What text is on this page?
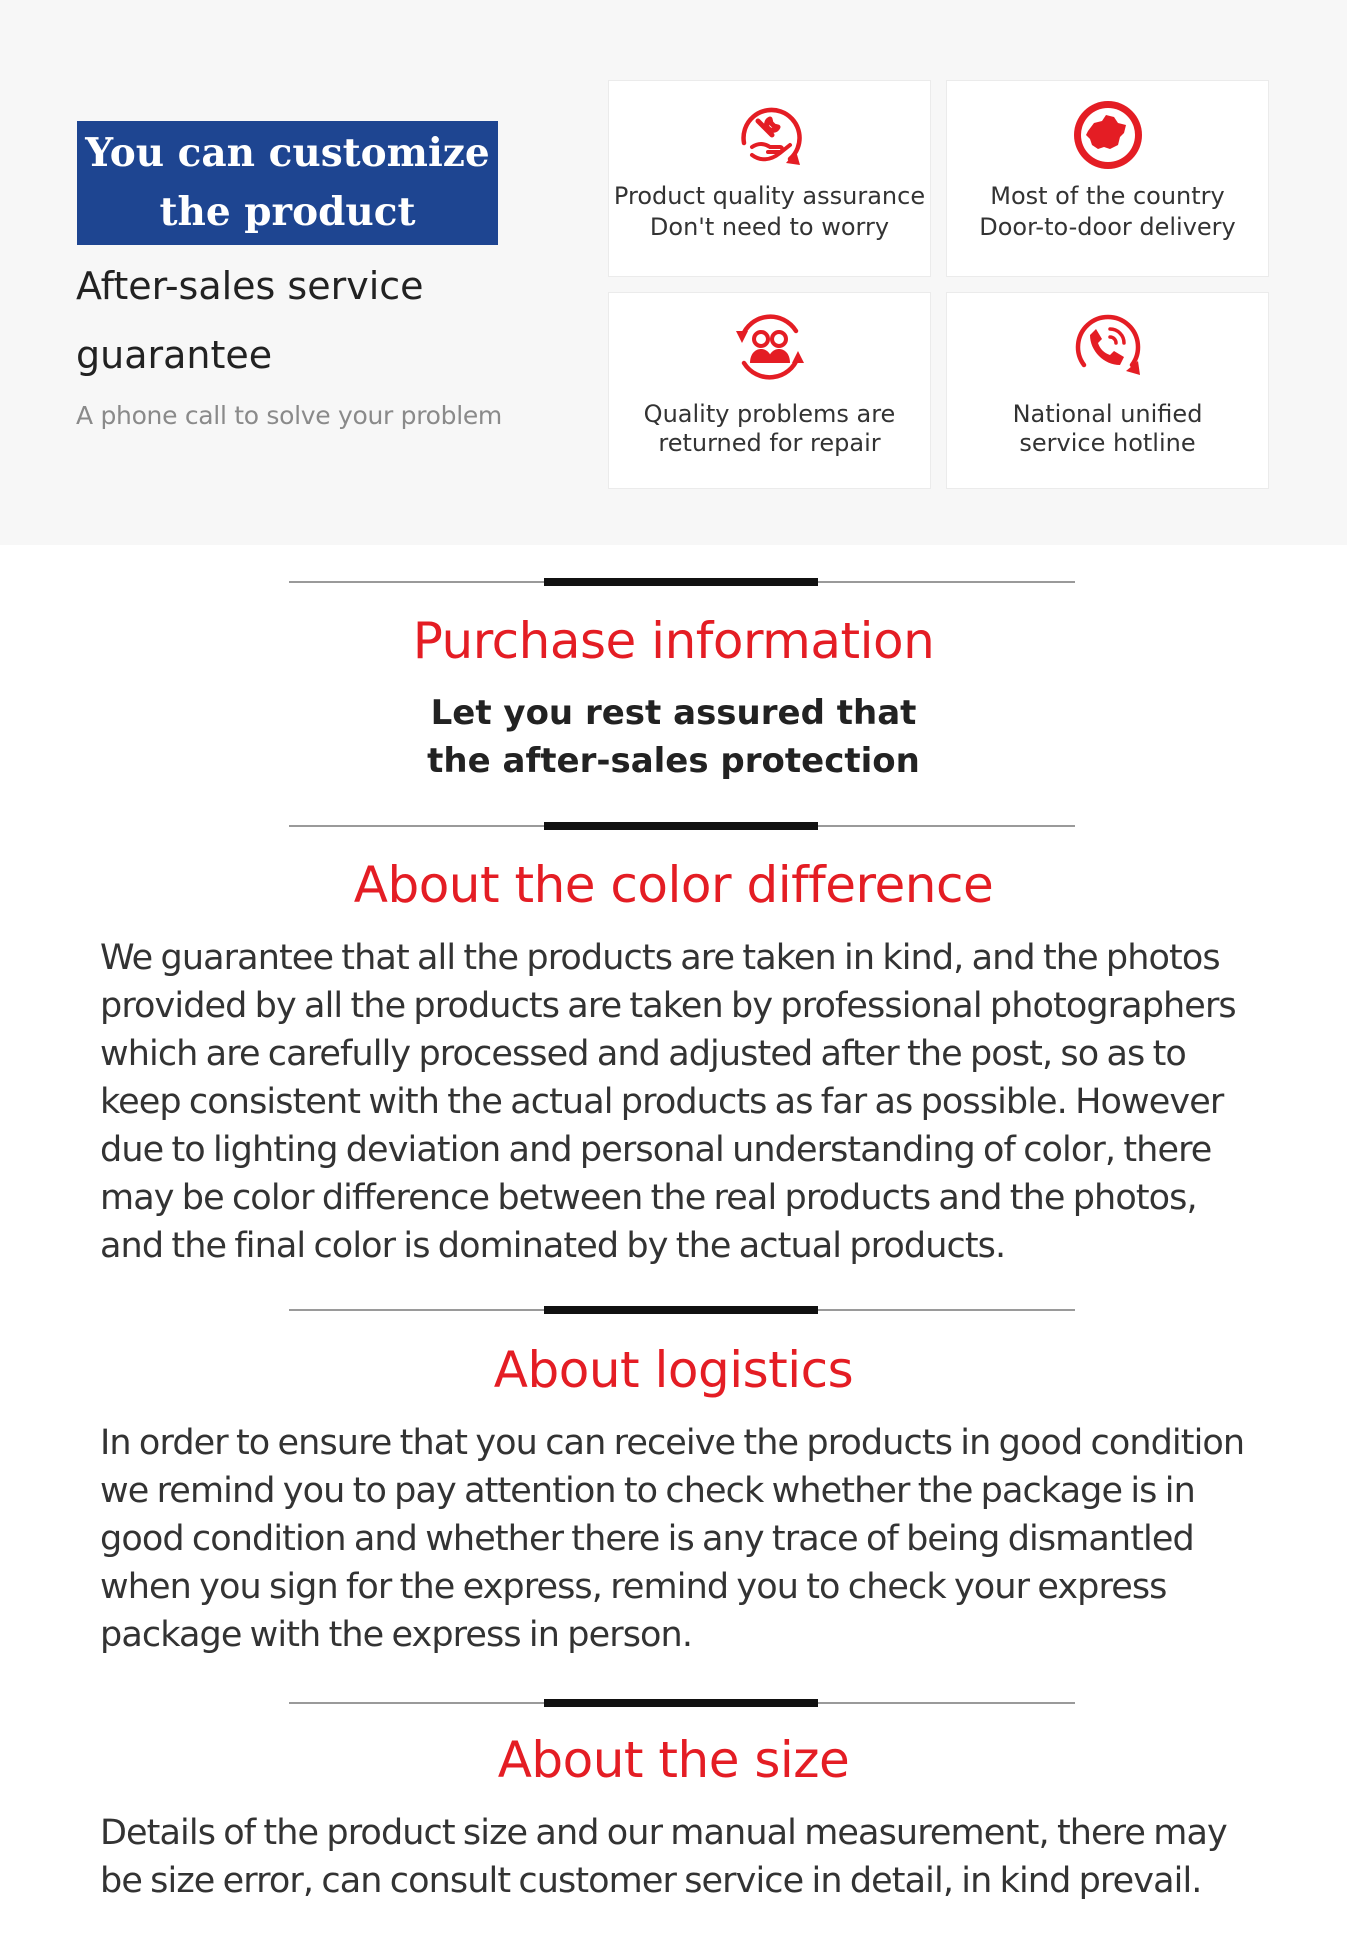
You can customize
the product
After-sales service guarantee
A phone call to solve your problem
Product quality assurance
Don't need to worry
Most of the country
Door-to-door delivery
Quality problems are
returned for repair
National unified
service hotline
Purchase information
Let you rest assured that
the after-sales protection
About the color difference
We guarantee that all the products are taken in kind, and the photos provided by all the products are taken by professional photographers which are carefully processed and adjusted after the post, so as to keep consistent with the actual products as far as possible. However due to lighting deviation and personal understanding of color, there may be color difference between the real products and the photos, and the final color is dominated by the actual products.
About logistics
In order to ensure that you can receive the products in good condition we remind you to pay attention to check whether the package is in good condition and whether there is any trace of being dismantled when you sign for the express, remind you to check your express package with the express in person.
About the size
Details of the product size and our manual measurement, there may be size error, can consult customer service in detail, in kind prevail.
